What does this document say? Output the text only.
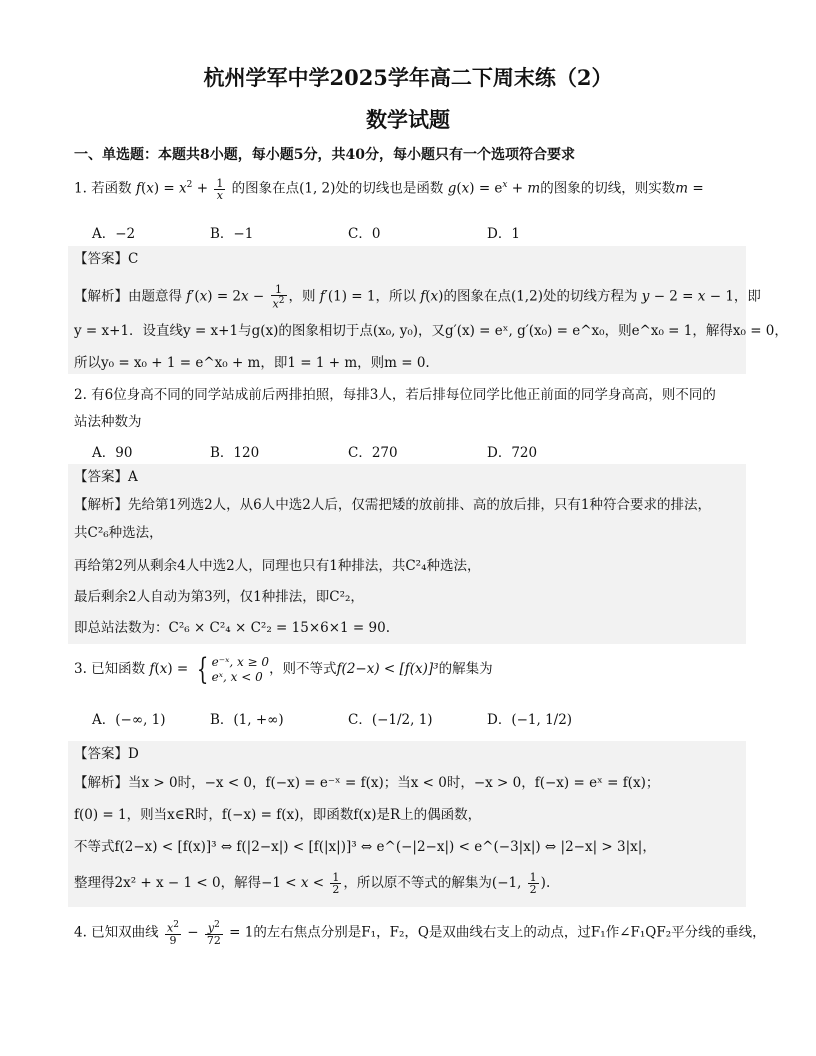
杭州学军中学2025学年高二下周末练（2）
数学试题
一、单选题：本题共8小题，每小题5分，共40分，每小题只有一个选项符合要求
1. 若函数 $f(x) = x^2 + \frac{1}{x}$ 的图象在点(1, 2)处的切线也是函数 $g(x) = e^x + m$的图象的切线，则实数m =
A．−2	B．−1	C．0	D．1
【答案】C
【解析】由题意得 $f'(x) = 2x - \frac{1}{x^2}$ ，则 f′(1) = 1，所以 f(x)的图象在点(1,2)处的切线方程为 y − 2 = x − 1，即
y = x+1．设直线y = x+1与g(x)的图象相切于点(x₀, y₀)，又g′(x) = eˣ, g′(x₀) = e^x₀，则e^x₀ = 1，解得x₀ = 0，
所以y₀ = x₀ + 1 = e^x₀ + m，即1 = 1 + m，则m = 0.
2. 有6位身高不同的同学站成前后两排拍照，每排3人，若后排每位同学比他正前面的同学身高高，则不同的
站法种数为
A．90	B．120	C．270	D．720
【答案】A
【解析】先给第1列选2人，从6人中选2人后，仅需把矮的放前排、高的放后排，只有1种符合要求的排法，
共C²₆种选法，
再给第2列从剩余4人中选2人，同理也只有1种排法，共C²₄种选法，
最后剩余2人自动为第3列，仅1种排法，即C²₂，
即总站法数为：C²₆ × C²₄ × C²₂ = 15×6×1 = 90.
3. 已知函数 f(x) = { e⁻ˣ, x ≥ 0
eˣ, x < 0 ，则不等式f(2−x) < [f(x)]³的解集为
A．(−∞, 1)	B．(1, +∞)	C．(−1/2, 1)	D．(−1, 1/2)
【答案】D
【解析】当x > 0时，−x < 0，f(−x) = e⁻ˣ = f(x)；当x < 0时，−x > 0，f(−x) = eˣ = f(x)；
f(0) = 1，则当x∈R时，f(−x) = f(x)，即函数f(x)是R上的偶函数，
不等式f(2−x) < [f(x)]³ ⇔ f(|2−x|) < [f(|x|)]³ ⇔ e^(−|2−x|) < e^(−3|x|) ⇔ |2−x| > 3|x|，
整理得2x² + x − 1 < 0，解得$-1 < x < \frac{1}{2}$ ，所以原不等式的解集为(−1, $\frac{1}{2}$ ).
4. 已知双曲线 $\frac{x^2}{9} - \frac{y^2}{72} = 1$的左右焦点分别是F₁，F₂，Q是双曲线右支上的动点，过F₁作∠F₁QF₂平分线的垂线，
